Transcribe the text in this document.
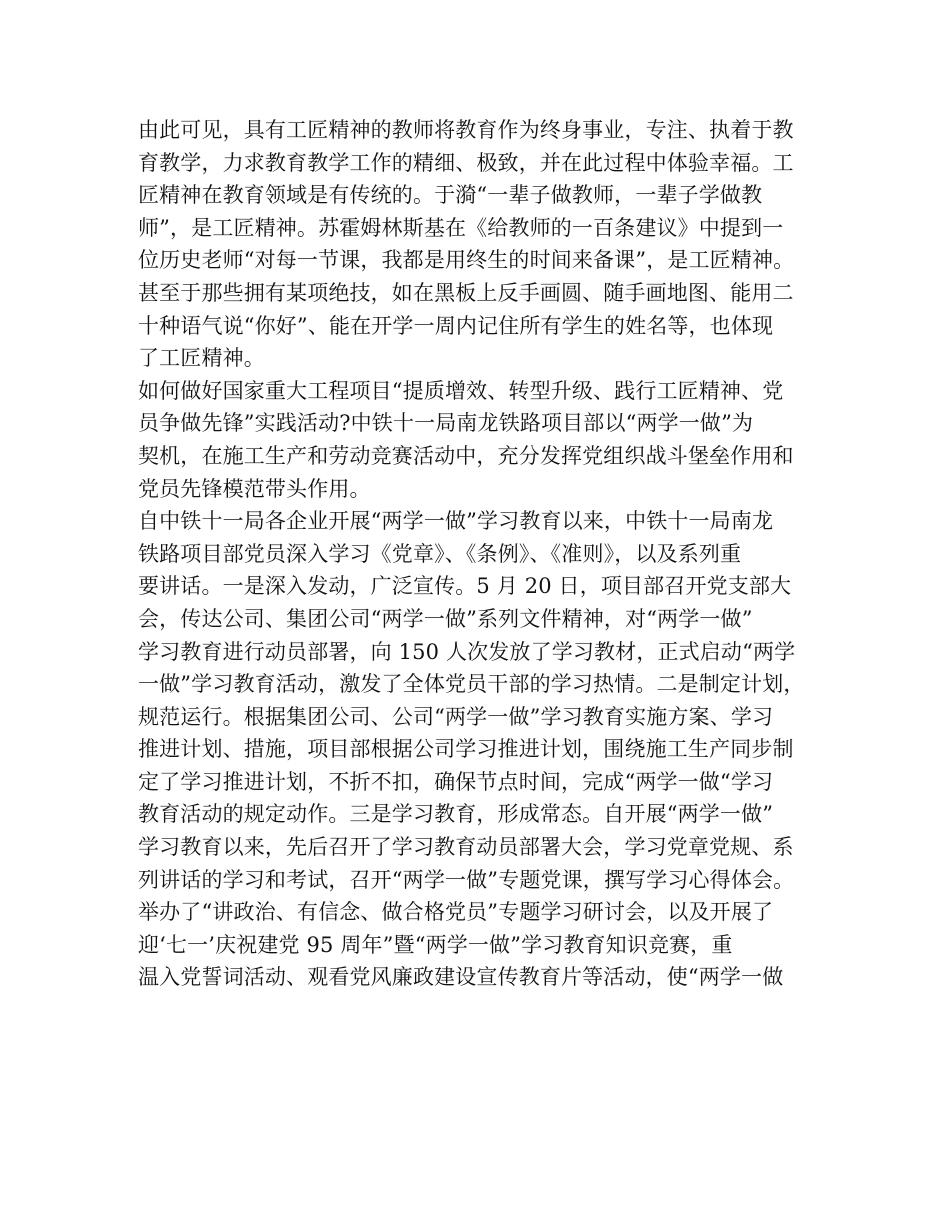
由此可见，具有工匠精神的教师将教育作为终身事业，专注、执着于教
育教学，力求教育教学工作的精细、极致，并在此过程中体验幸福。工
匠精神在教育领域是有传统的。于漪“一辈子做教师，一辈子学做教
师”，是工匠精神。苏霍姆林斯基在《给教师的一百条建议》中提到一
位历史老师“对每一节课，我都是用终生的时间来备课”，是工匠精神。
甚至于那些拥有某项绝技，如在黑板上反手画圆、随手画地图、能用二
十种语气说“你好”、能在开学一周内记住所有学生的姓名等，也体现
了工匠精神。
如何做好国家重大工程项目“提质增效、转型升级、践行工匠精神、党
员争做先锋”实践活动?中铁十一局南龙铁路项目部以“两学一做”为
契机，在施工生产和劳动竞赛活动中，充分发挥党组织战斗堡垒作用和
党员先锋模范带头作用。
自中铁十一局各企业开展“两学一做”学习教育以来，中铁十一局南龙
铁路项目部党员深入学习《党章》、《条例》、《准则》，以及系列重
要讲话。一是深入发动，广泛宣传。5 月 20 日，项目部召开党支部大
会，传达公司、集团公司“两学一做”系列文件精神，对“两学一做”
学习教育进行动员部署，向 150 人次发放了学习教材，正式启动“两学
一做”学习教育活动，激发了全体党员干部的学习热情。二是制定计划，
规范运行。根据集团公司、公司“两学一做”学习教育实施方案、学习
推进计划、措施，项目部根据公司学习推进计划，围绕施工生产同步制
定了学习推进计划，不折不扣，确保节点时间，完成“两学一做“学习
教育活动的规定动作。三是学习教育，形成常态。自开展“两学一做”
学习教育以来，先后召开了学习教育动员部署大会，学习党章党规、系
列讲话的学习和考试，召开“两学一做”专题党课，撰写学习心得体会。
举办了“讲政治、有信念、做合格党员”专题学习研讨会，以及开展了
迎‘七一’庆祝建党 95 周年”暨“两学一做”学习教育知识竞赛，重
温入党誓词活动、观看党风廉政建设宣传教育片等活动，使“两学一做
